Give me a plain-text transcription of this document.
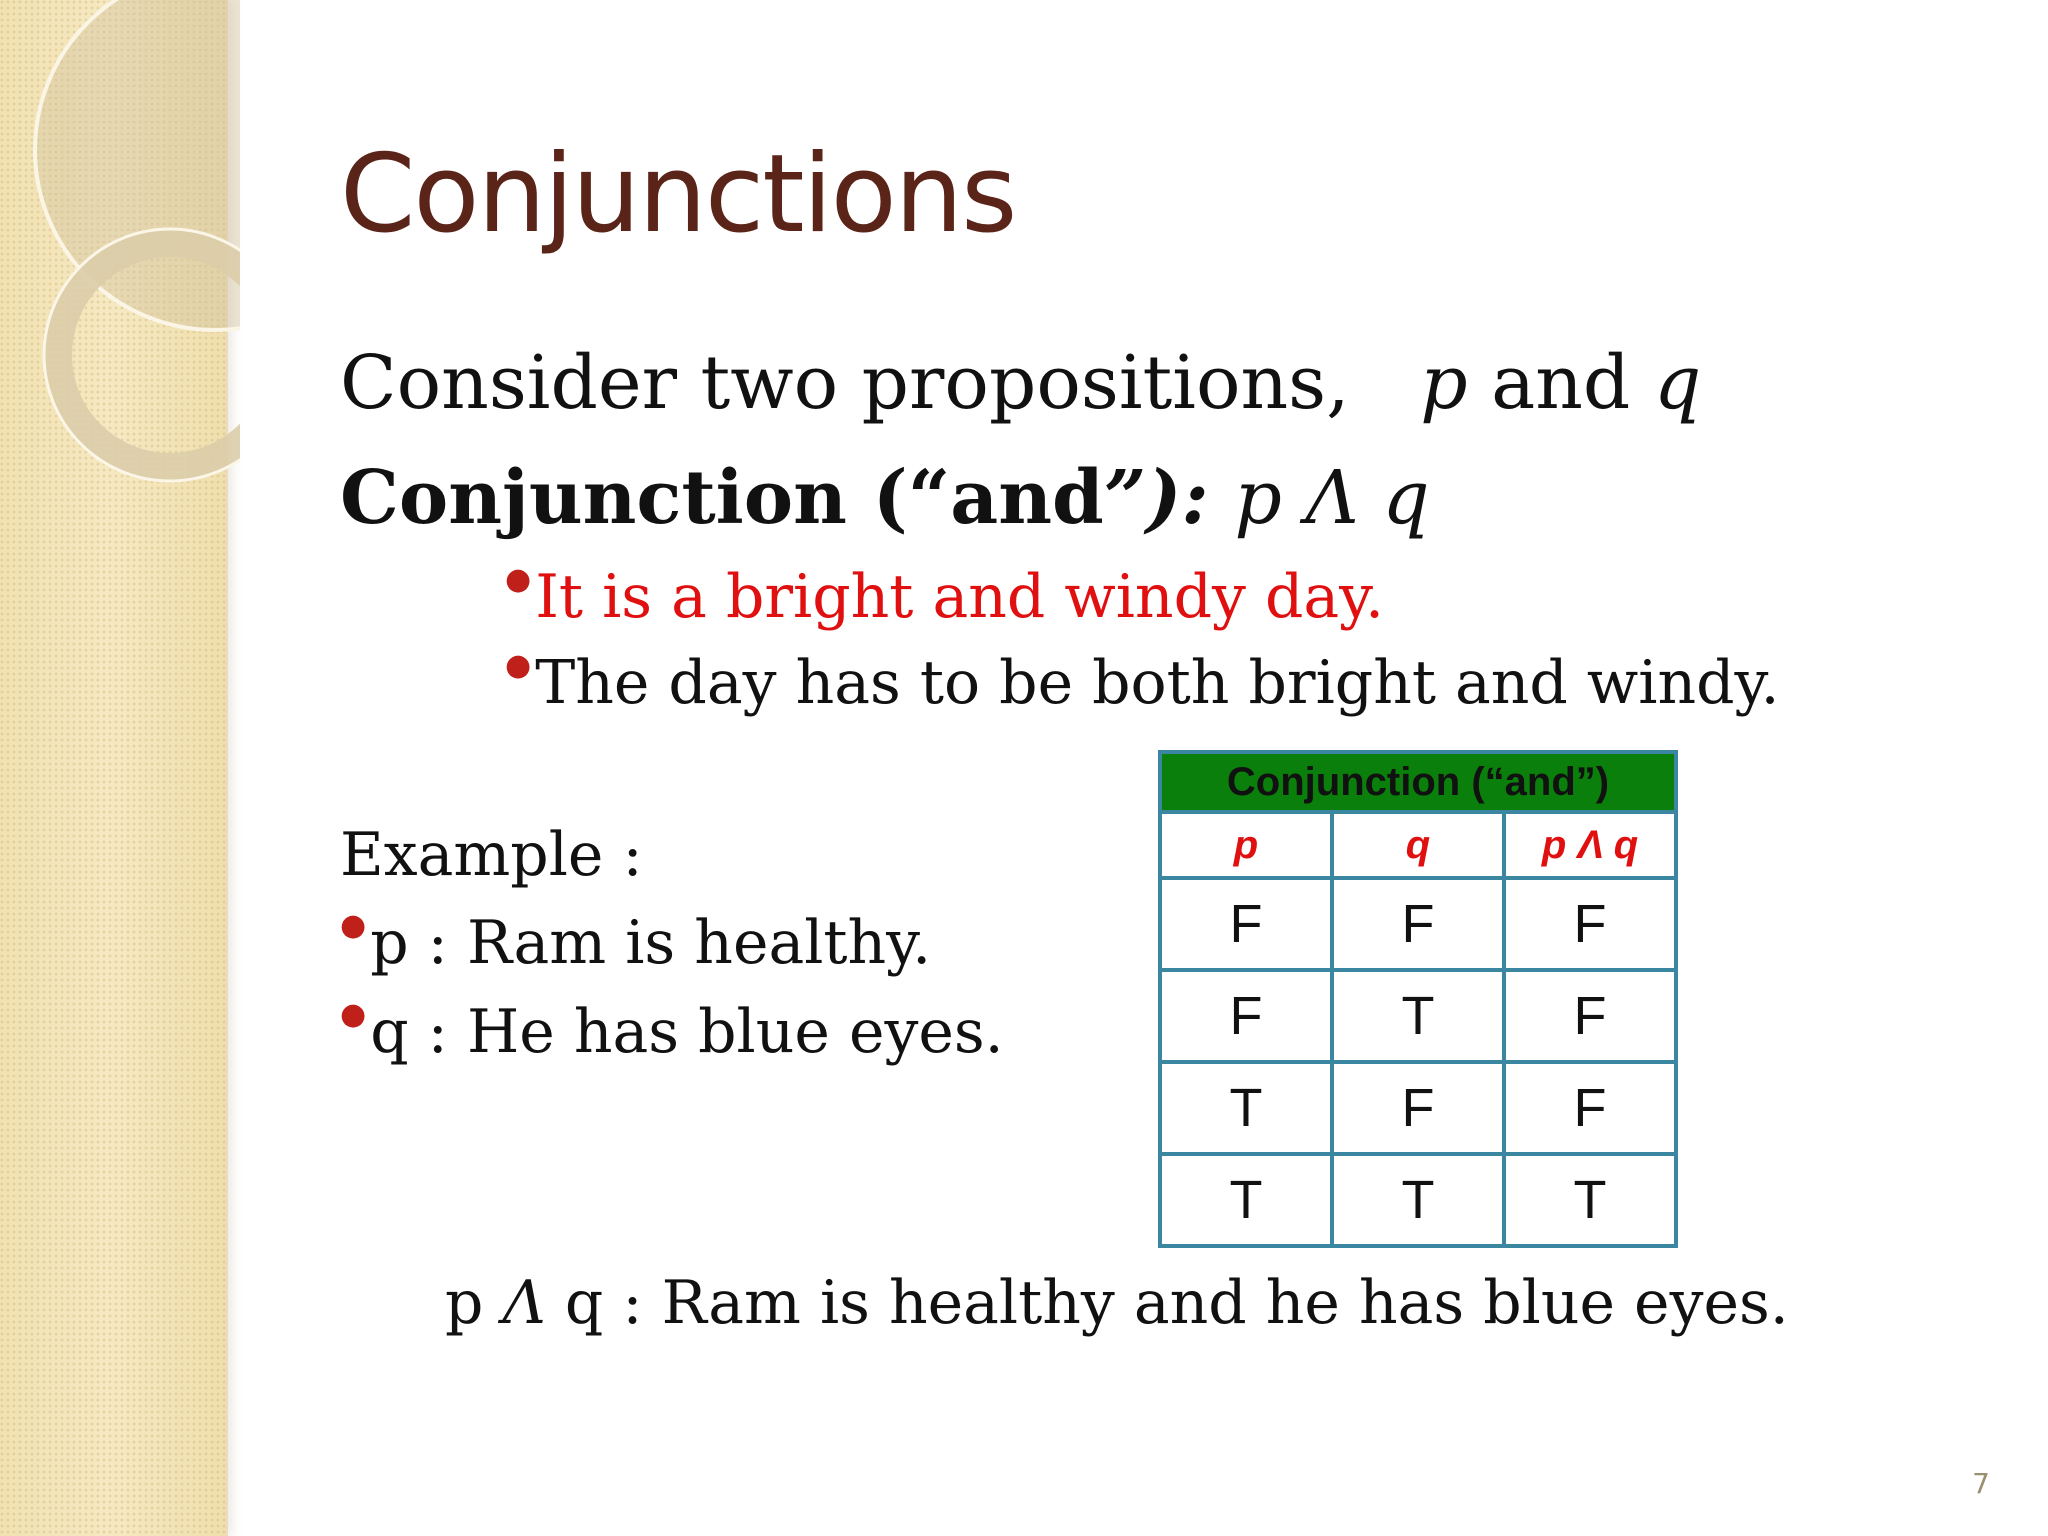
Conjunctions
Consider two propositions, p and q
Conjunction (“and”): p Λ q
●It is a bright and windy day.
●The day has to be both bright and windy.
Example :
●p : Ram is healthy.
●q : He has blue eyes.
Conjunction (“and”)		
p	q	p Λ q
F	F	F
F	T	F
T	F	F
T	T	T
p Λ q : Ram is healthy and he has blue eyes.
7
